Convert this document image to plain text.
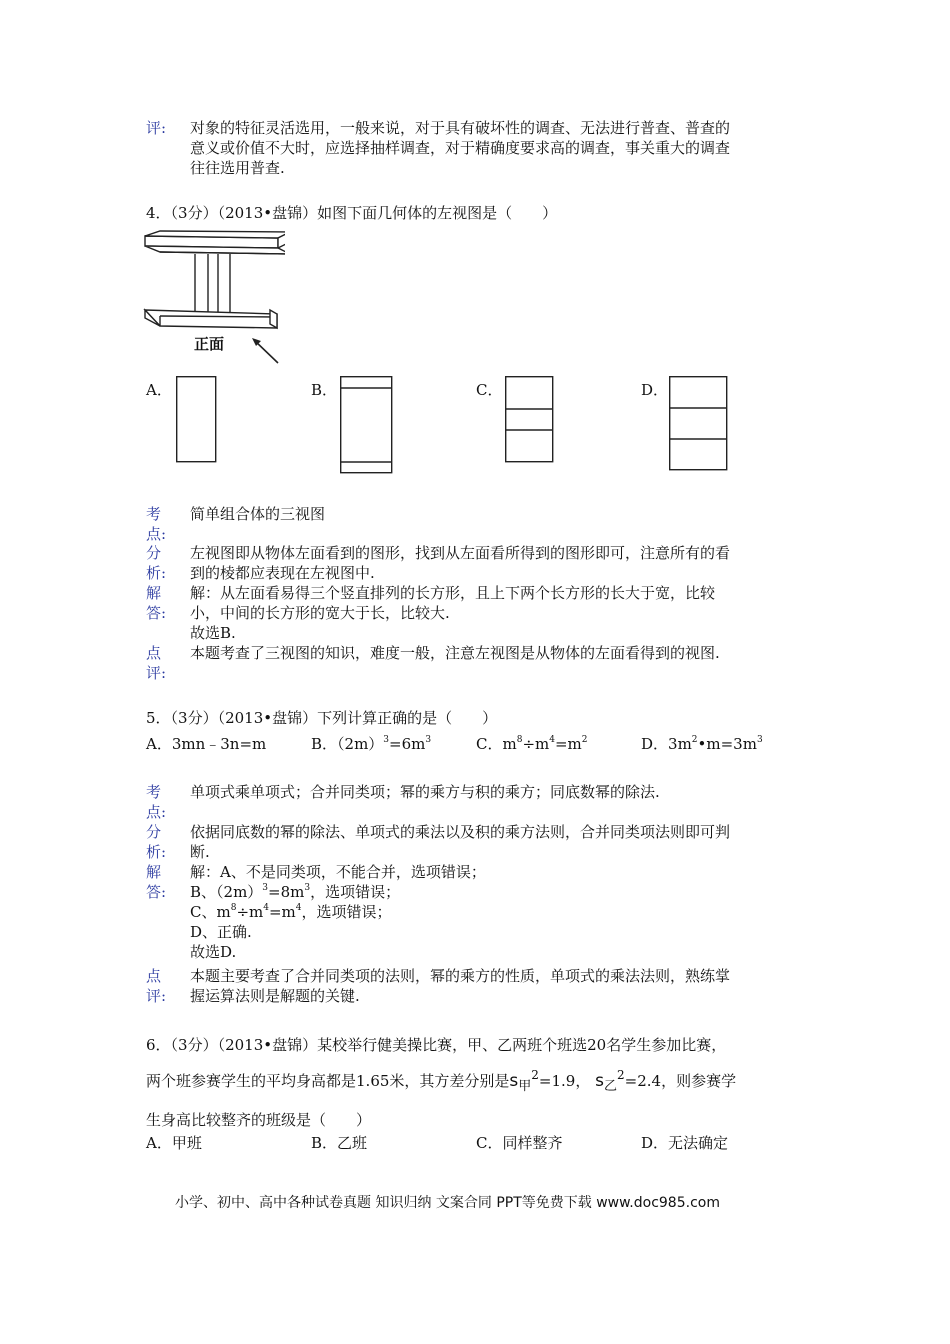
评:	对象的特征灵活选用，一般来说，对于具有破坏性的调查、无法进行普查、普查的
意义或价值不大时，应选择抽样调查，对于精确度要求高的调查，事关重大的调查
往往选用普查.
4．（3分）（2013•盘锦）如图下面几何体的左视图是（　　）
正面
A．	B．	C．	D．
考
点:
简单组合体的三视图
分
析:
左视图即从物体左面看到的图形，找到从左面看所得到的图形即可，注意所有的看
到的棱都应表现在左视图中.
解
答:
解：从左面看易得三个竖直排列的长方形，且上下两个长方形的长大于宽，比较
小，中间的长方形的宽大于长，比较大.
故选B.
点
评:
本题考查了三视图的知识，难度一般，注意左视图是从物体的左面看得到的视图.
5．（3分）（2013•盘锦）下列计算正确的是（　　）
A．3mn﹣3n=m	B．$(2m)^3=6m^3$	C．$m^8\div m^4=m^2$	D．$3m^2•m=3m^3$
考
点:
单项式乘单项式；合并同类项；幂的乘方与积的乘方；同底数幂的除法.
分
析:
依据同底数的幂的除法、单项式的乘法以及积的乘方法则，合并同类项法则即可判
断.
解
答:
解：A、不是同类项，不能合并，选项错误；
B、$(2m)^3=8m^3$，选项错误；
C、$m^8\div m^4=m^4$，选项错误；
D、正确.
故选D.
点
评:
本题主要考查了合并同类项的法则，幂的乘方的性质，单项式的乘法法则，熟练掌
握运算法则是解题的关键.
6．（3分）（2013•盘锦）某校举行健美操比赛，甲、乙两班个班选20名学生参加比赛，
两个班参赛学生的平均身高都是1.65米，其方差分别是$s_甲^2=1.9$， $s_乙^2=2.4$，则参赛学
生身高比较整齐的班级是（　　）
A．甲班	B．乙班	C．同样整齐	D．无法确定
小学、初中、高中各种试卷真题 知识归纳 文案合同 PPT等免费下载 www.doc985.com
